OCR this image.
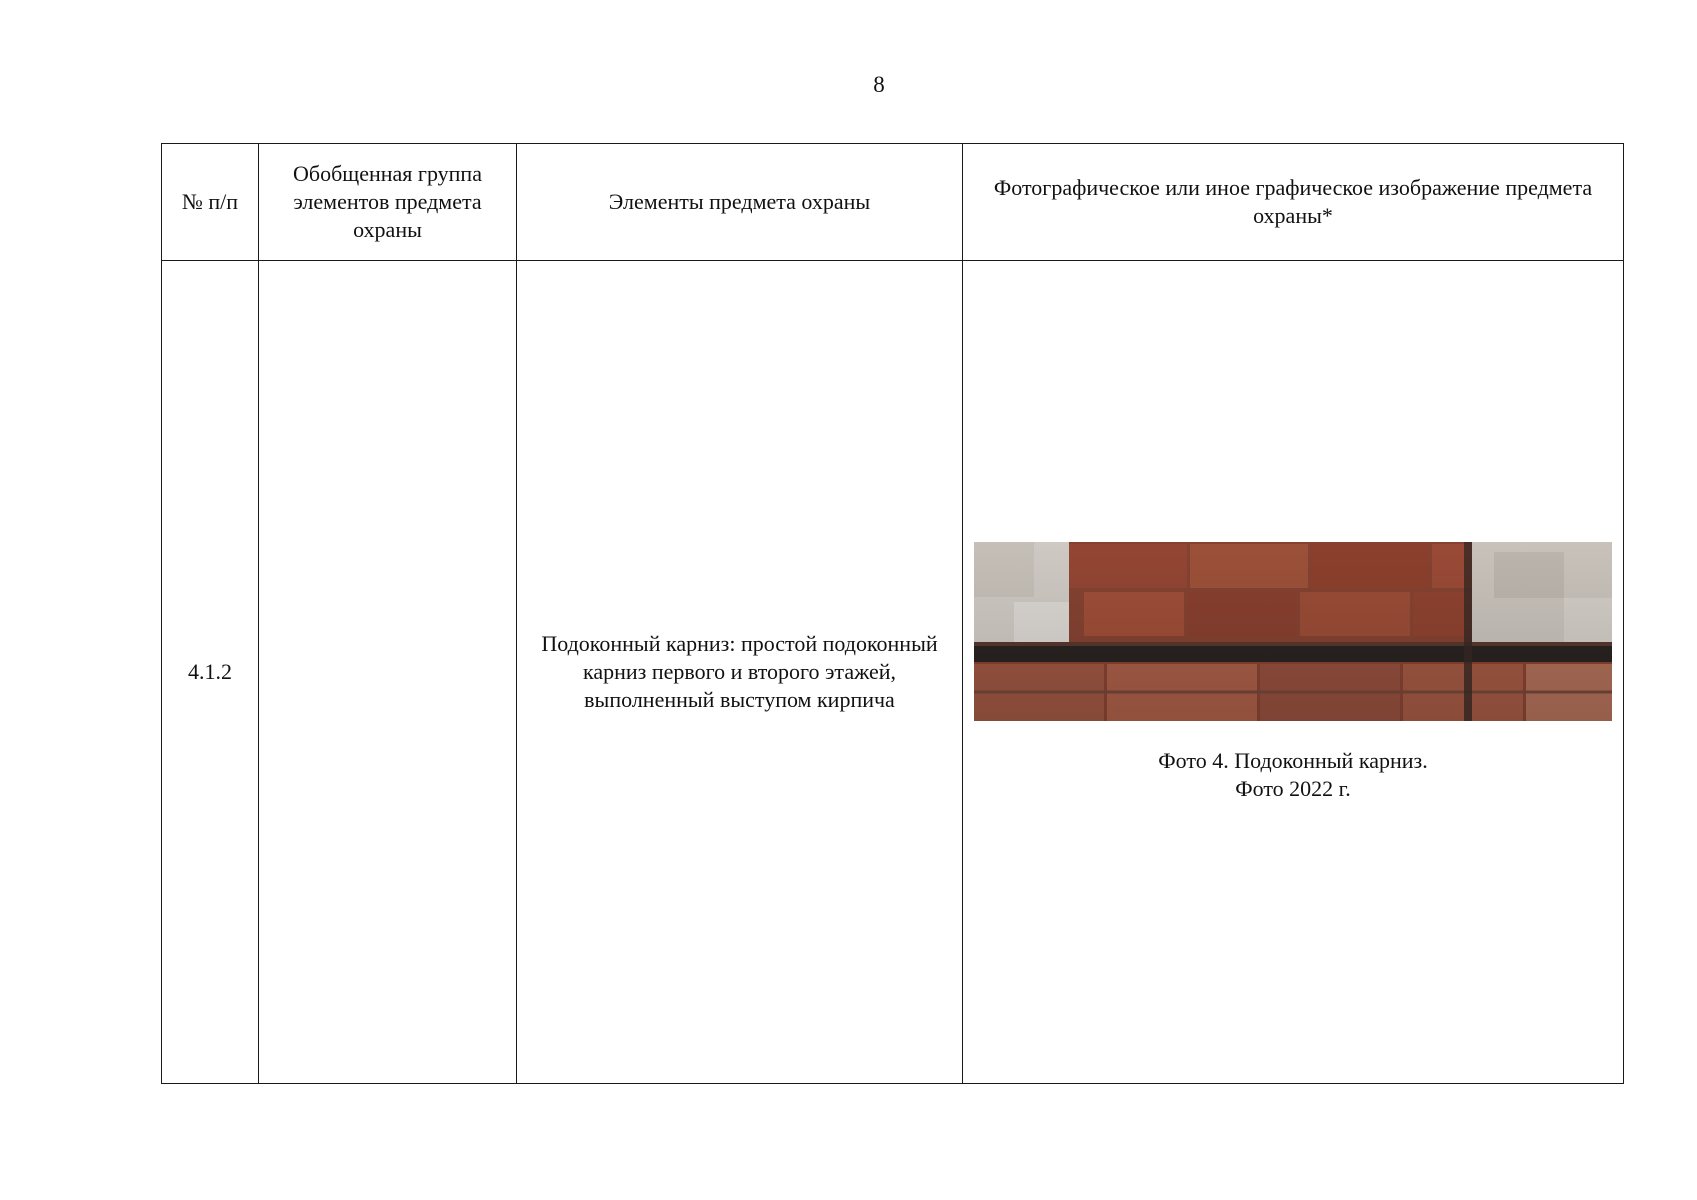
8
№ п/п	Обобщенная группа элементов предмета охраны	Элементы предмета охраны	Фотографическое или иное графическое изображение предмета охраны*
4.1.2		Подоконный карниз: простой подоконный карниз первого и второго этажей, выполненный выступом кирпича	Фото 4. Подоконный карниз.
Фото 2022 г.
